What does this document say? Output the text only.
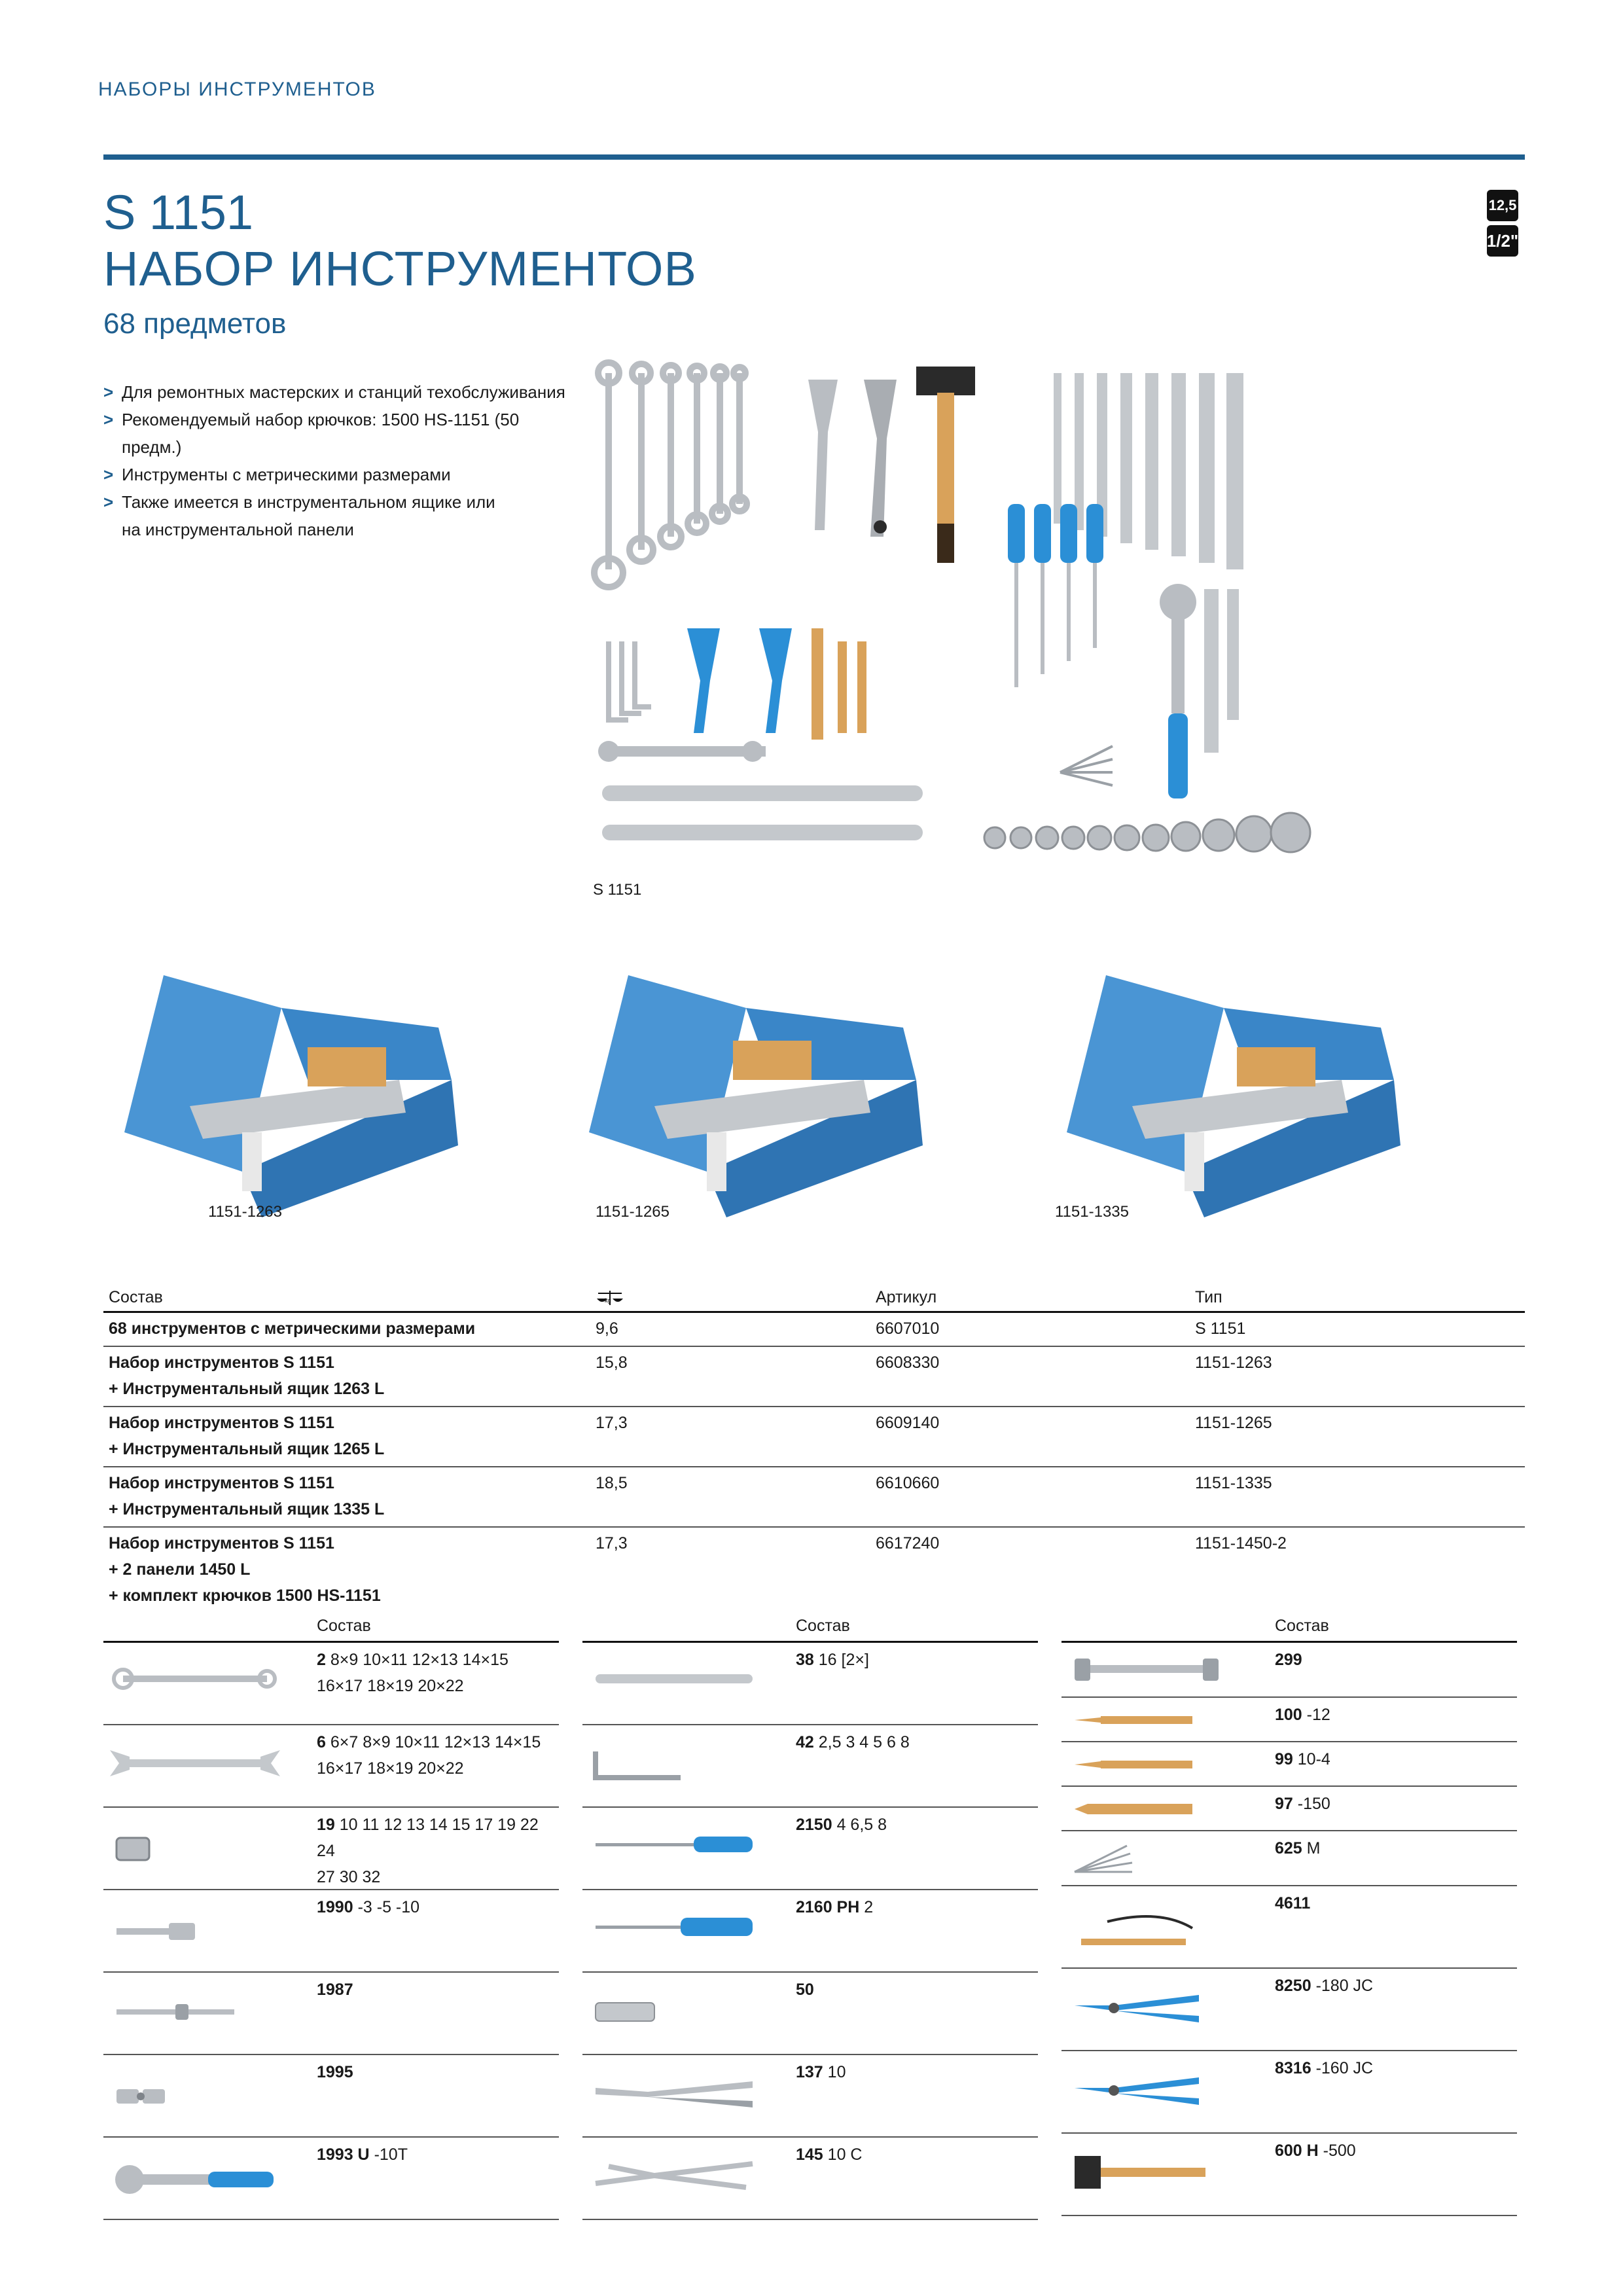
НАБОРЫ ИНСТРУМЕНТОВ
S 1151
НАБОР ИНСТРУМЕНТОВ
68 предметов
12,5
1/2"
> Для ремонтных мастерских и станций техобслуживания
> Рекомендуемый набор крючков: 1500 HS-1151 (50 предм.)
> Инструменты с метрическими размерами
> Также имеется в инструментальном ящике или
на инструментальной панели
S 1151
1151-1263	1151-1265	1151-1335
Состав	kg	Артикул	Тип
68 инструментов с метрическими размерами	9,6	6607010	S 1151
Набор инструментов S 1151
+ Инструментальный ящик 1263 L
15,8	6608330	1151-1263
Набор инструментов S 1151
+ Инструментальный ящик 1265 L
17,3	6609140	1151-1265
Набор инструментов S 1151
+ Инструментальный ящик 1335 L
18,5	6610660	1151-1335
Набор инструментов S 1151
+ 2 панели 1450 L
+ комплект крючков 1500 HS-1151
17,3	6617240	1151-1450-2
Состав
2 8×9 10×11 12×13 14×15
16×17 18×19 20×22
6 6×7 8×9 10×11 12×13 14×15
16×17 18×19 20×22
19 10 11 12 13 14 15 17 19 22 24
27 30 32
1990 -3 -5 -10
1987
1995
1993 U -10T
Состав
38 16 [2×]
42 2,5 3 4 5 6 8
2150 4 6,5 8
2160 PH 2
50
137 10
145 10 C
Состав
299
100 -12
99 10-4
97 -150
625 M
4611
8250 -180 JC
8316 -160 JC
600 H -500
